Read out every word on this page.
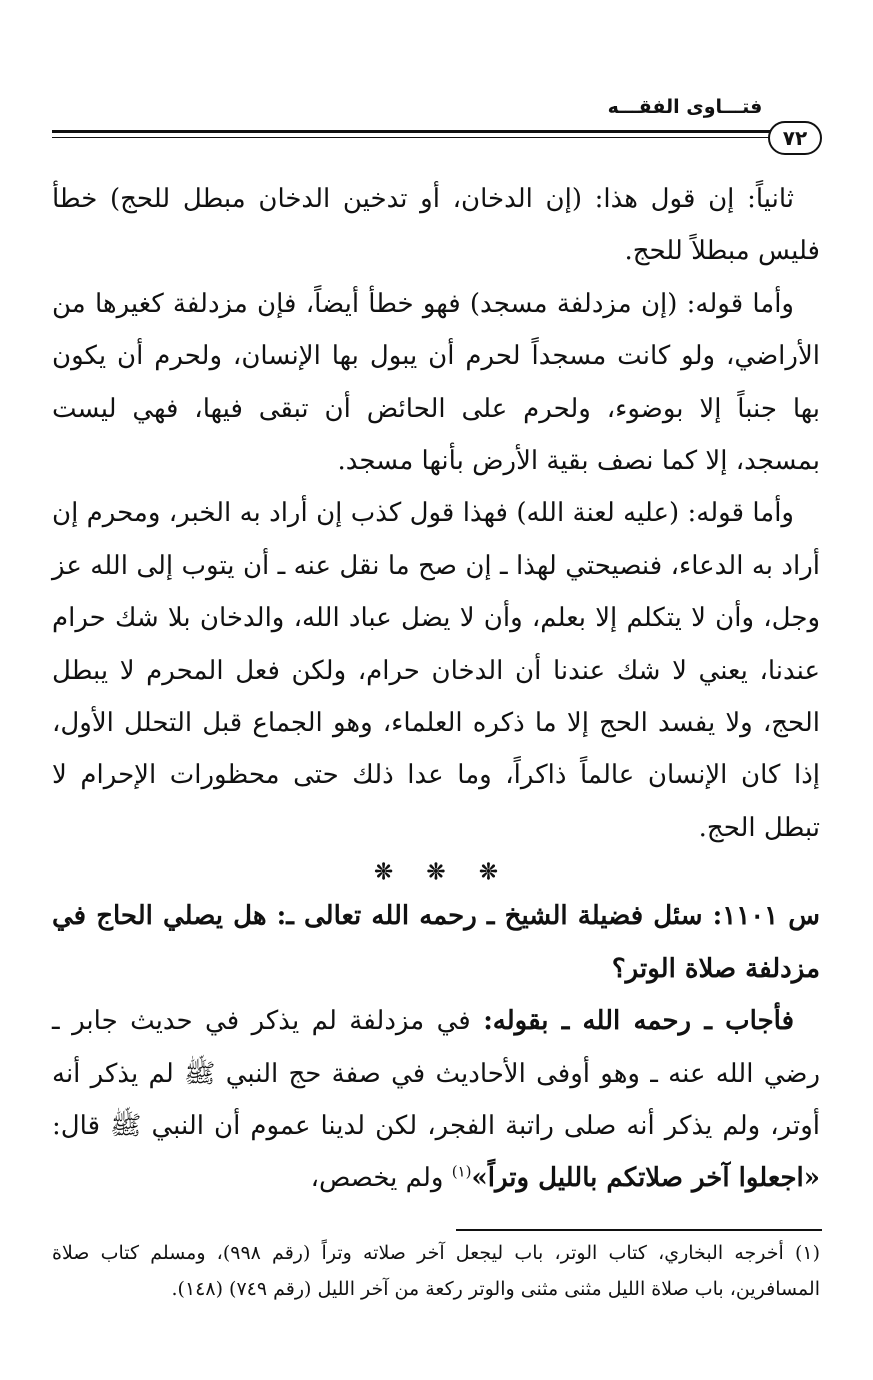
فتـــاوى الفقـــه
٧٢

ثانياً: إن قول هذا: (إن الدخان، أو تدخين الدخان مبطل للحج) خطأ فليس مبطلاً للحج.

وأما قوله: (إن مزدلفة مسجد) فهو خطأ أيضاً، فإن مزدلفة كغيرها من الأراضي، ولو كانت مسجداً لحرم أن يبول بها الإنسان، ولحرم أن يكون بها جنباً إلا بوضوء، ولحرم على الحائض أن تبقى فيها، فهي ليست بمسجد، إلا كما نصف بقية الأرض بأنها مسجد.

وأما قوله: (عليه لعنة الله) فهذا قول كذب إن أراد به الخبر، ومحرم إن أراد به الدعاء، فنصيحتي لهذا ـ إن صح ما نقل عنه ـ أن يتوب إلى الله عز وجل، وأن لا يتكلم إلا بعلم، وأن لا يضل عباد الله، والدخان بلا شك حرام عندنا، يعني لا شك عندنا أن الدخان حرام، ولكن فعل المحرم لا يبطل الحج، ولا يفسد الحج إلا ما ذكره العلماء، وهو الجماع قبل التحلل الأول، إذا كان الإنسان عالماً ذاكراً، وما عدا ذلك حتى محظورات الإحرام لا تبطل الحج.

❊
❊
❊

س ١١٠١: سئل فضيلة الشيخ ـ رحمه الله تعالى ـ: هل يصلي الحاج في مزدلفة صلاة الوتر؟

فأجاب ـ رحمه الله ـ بقوله: في مزدلفة لم يذكر في حديث جابر ـ رضي الله عنه ـ وهو أوفى الأحاديث في صفة حج النبي ﷺ لم يذكر أنه أوتر، ولم يذكر أنه صلى راتبة الفجر، لكن لدينا عموم أن النبي ﷺ قال: «اجعلوا آخر صلاتكم بالليل وتراً»$^{(١)}$ ولم يخصص،

(١) أخرجه البخاري، كتاب الوتر، باب ليجعل آخر صلاته وتراً (رقم ٩٩٨)، ومسلم كتاب صلاة المسافرين، باب صلاة الليل مثنى مثنى والوتر ركعة من آخر الليل (رقم ٧٤٩) (١٤٨).
